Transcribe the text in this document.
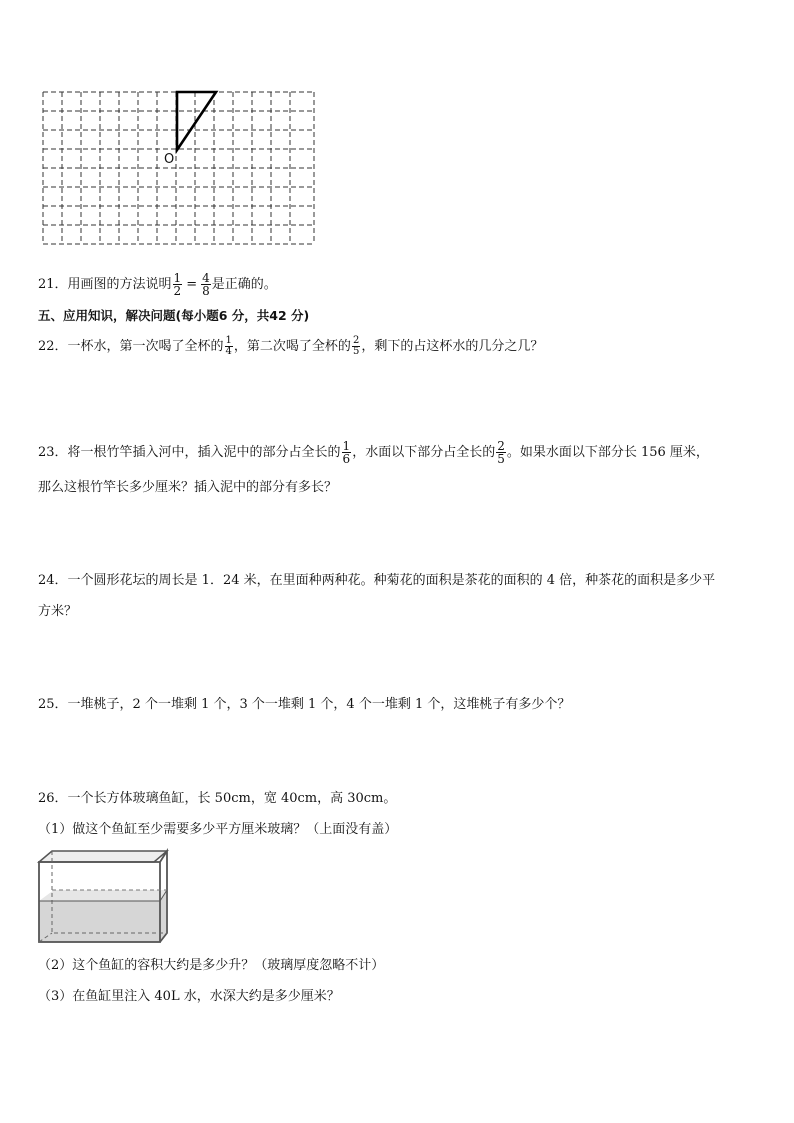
O
21．用画图的方法说明 $\frac{1}{2} = \frac{4}{8}$ 是正确的。
五、应用知识，解决问题(每小题6 分，共42 分)
22．一杯水，第一次喝了全杯的 $\frac{1}{4}$ ，第二次喝了全杯的 $\frac{2}{5}$ ，剩下的占这杯水的几分之几？
23．将一根竹竿插入河中，插入泥中的部分占全长的 $\frac{1}{6}$ ，水面以下部分占全长的 $\frac{2}{5}$ 。如果水面以下部分长 156 厘米，
那么这根竹竿长多少厘米？插入泥中的部分有多长？
24．一个圆形花坛的周长是 1．24 米，在里面种两种花。种菊花的面积是茶花的面积的 4 倍，种茶花的面积是多少平
方米？
25．一堆桃子，2 个一堆剩 1 个，3 个一堆剩 1 个，4 个一堆剩 1 个，这堆桃子有多少个？
26．一个长方体玻璃鱼缸，长 50cm，宽 40cm，高 30cm。
（1）做这个鱼缸至少需要多少平方厘米玻璃？（上面没有盖）
（2）这个鱼缸的容积大约是多少升？（玻璃厚度忽略不计）
（3）在鱼缸里注入 40L 水，水深大约是多少厘米？
